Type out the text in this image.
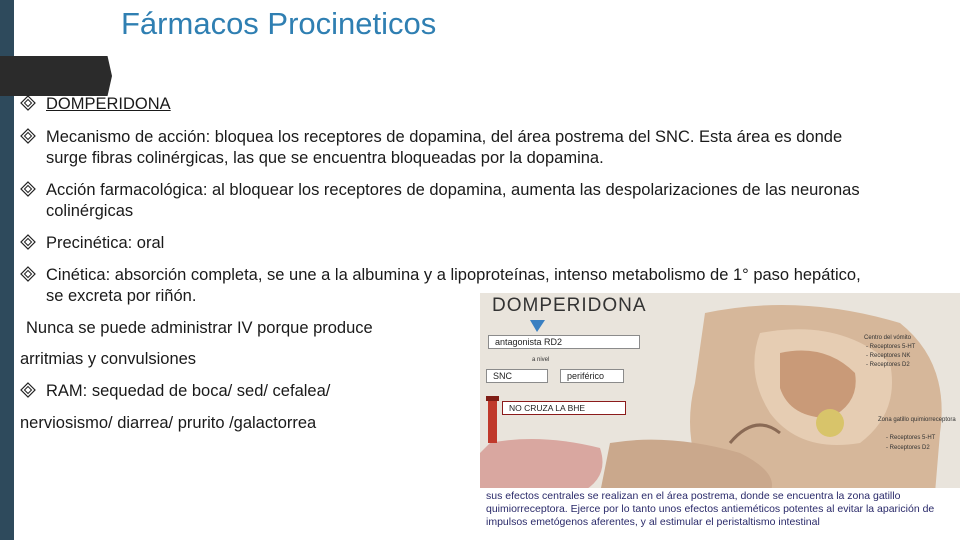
Fármacos Procineticos
DOMPERIDONA
Mecanismo de acción: bloquea los receptores de dopamina, del área postrema del SNC. Esta área es donde
surge fibras colinérgicas, las que se encuentra bloqueadas por la dopamina.
Acción farmacológica: al bloquear los receptores de dopamina, aumenta las despolarizaciones de las neuronas
colinérgicas
Precinética: oral
Cinética: absorción completa, se une a la albumina y a lipoproteínas, intenso metabolismo de 1° paso hepático,
se excreta por riñón.
Nunca se puede administrar IV porque produce
arritmias y convulsiones
RAM: sequedad de boca/ sed/ cefalea/
nerviosismo/ diarrea/ prurito /galactorrea
DOMPERIDONA
antagonista RD2
a nivel
SNC	periférico
NO CRUZA LA BHE
Centro del vómito
- Receptores 5-HT
- Receptores NK
- Receptores D2
Zona gatillo quimiorreceptora
- Receptores 5-HT
- Receptores D2
sus efectos centrales se realizan en el área postrema, donde se encuentra la zona gatillo quimiorreceptora. Ejerce por lo tanto unos efectos antieméticos potentes al evitar la aparición de impulsos emetógenos aferentes, y al estimular el peristaltismo intestinal
